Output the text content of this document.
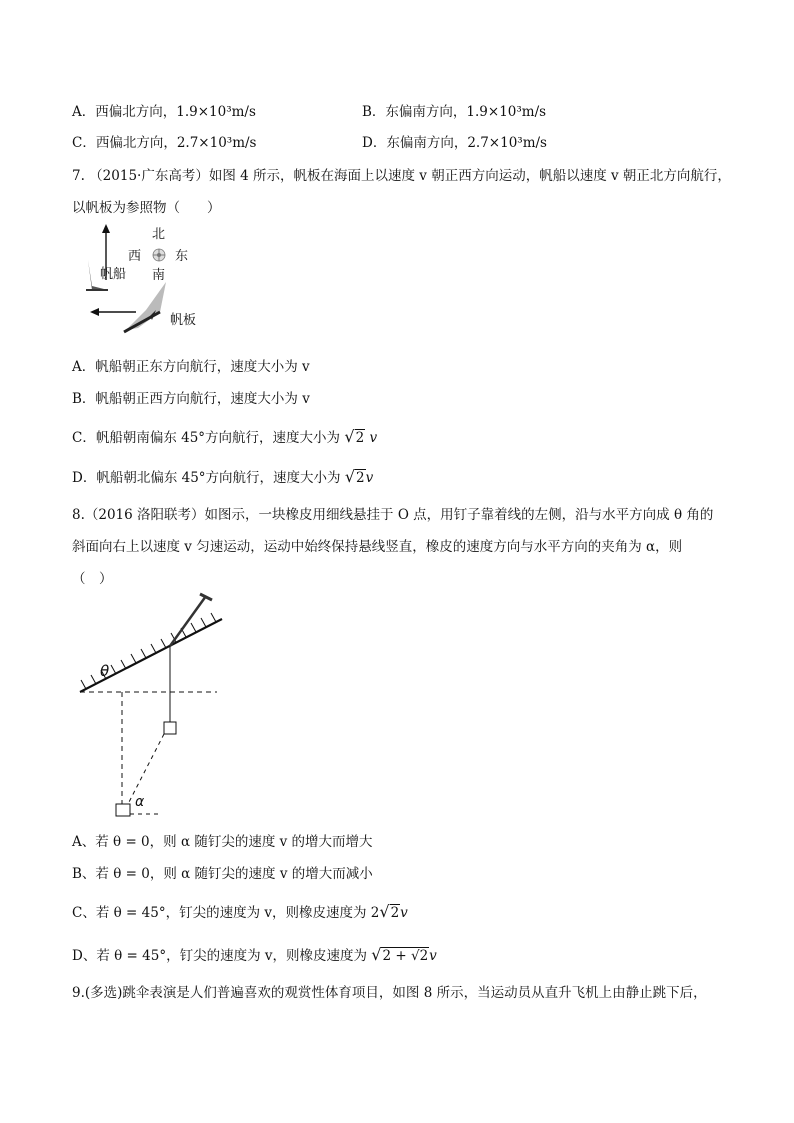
A．西偏北方向，1.9×10³m/s	B．东偏南方向，1.9×10³m/s
C．西偏北方向，2.7×10³m/s	D．东偏南方向，2.7×10³m/s
7. （2015·广东高考）如图 4 所示，帆板在海面上以速度 v 朝正西方向运动，帆船以速度 v 朝正北方向航行，
以帆板为参照物（　　）
帆船
北
西	东
南
帆板
A．帆船朝正东方向航行，速度大小为 v
B．帆船朝正西方向航行，速度大小为 v
C．帆船朝南偏东 45°方向航行，速度大小为 √2 v
D．帆船朝北偏东 45°方向航行，速度大小为 √2v
8.（2016 洛阳联考）如图示，一块橡皮用细线悬挂于 O 点，用钉子靠着线的左侧，沿与水平方向成 θ 角的
斜面向右上以速度 v 匀速运动，运动中始终保持悬线竖直，橡皮的速度方向与水平方向的夹角为 α，则
（　）
θ
α
A、若 θ = 0，则 α 随钉尖的速度 v 的增大而增大
B、若 θ = 0，则 α 随钉尖的速度 v 的增大而减小
C、若 θ = 45°，钉尖的速度为 v，则橡皮速度为 2√2v
D、若 θ = 45°，钉尖的速度为 v，则橡皮速度为 √2 + √2v
9.(多选)跳伞表演是人们普遍喜欢的观赏性体育项目，如图 8 所示，当运动员从直升飞机上由静止跳下后，
